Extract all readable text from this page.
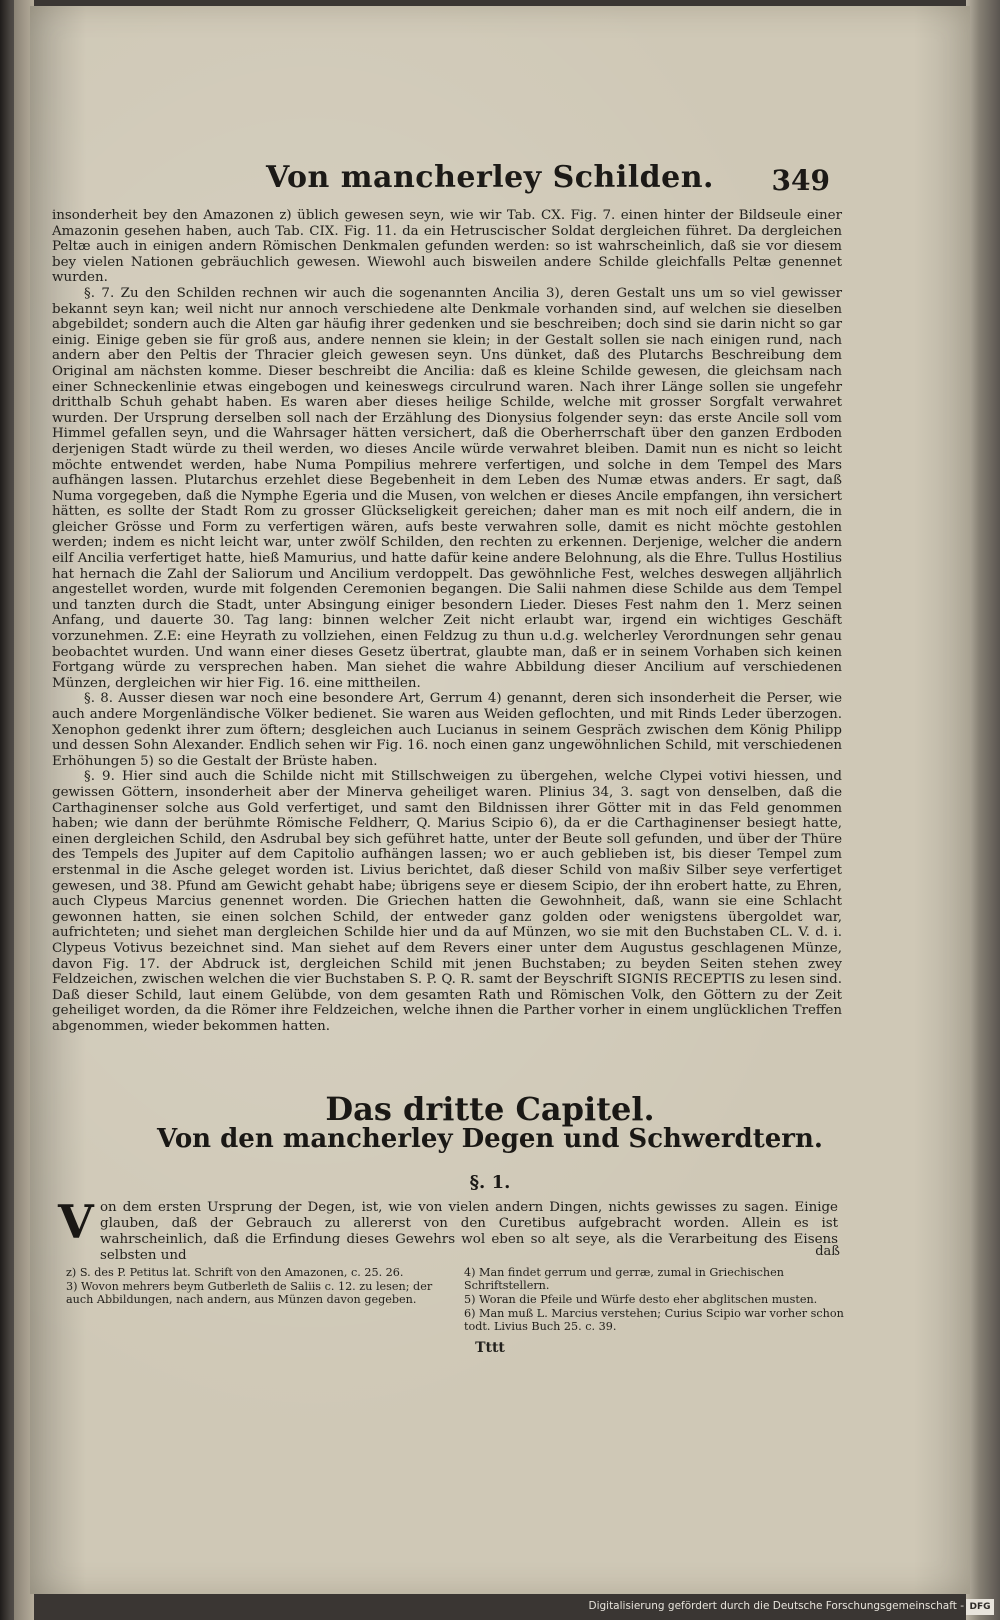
Von mancherley Schilden.	349

insonderheit bey den Amazonen z) üblich gewesen seyn, wie wir Tab. CX. Fig. 7. einen hinter der Bildseule einer Amazonin gesehen haben, auch Tab. CIX. Fig. 11. da ein Hetruscischer Soldat dergleichen führet. Da dergleichen Peltæ auch in einigen andern Römischen Denkmalen gefunden werden: so ist wahrscheinlich, daß sie vor diesem bey vielen Nationen gebräuchlich gewesen. Wiewohl auch bisweilen andere Schilde gleichfalls Peltæ genennet wurden.

§. 7. Zu den Schilden rechnen wir auch die sogenannten Ancilia 3), deren Gestalt uns um so viel gewisser bekannt seyn kan; weil nicht nur annoch verschiedene alte Denkmale vorhanden sind, auf welchen sie dieselben abgebildet; sondern auch die Alten gar häufig ihrer gedenken und sie beschreiben; doch sind sie darin nicht so gar einig. Einige geben sie für groß aus, andere nennen sie klein; in der Gestalt sollen sie nach einigen rund, nach andern aber den Peltis der Thracier gleich gewesen seyn. Uns dünket, daß des Plutarchs Beschreibung dem Original am nächsten komme. Dieser beschreibt die Ancilia: daß es kleine Schilde gewesen, die gleichsam nach einer Schneckenlinie etwas eingebogen und keineswegs circulrund waren. Nach ihrer Länge sollen sie ungefehr dritthalb Schuh gehabt haben. Es waren aber dieses heilige Schilde, welche mit grosser Sorgfalt verwahret wurden. Der Ursprung derselben soll nach der Erzählung des Dionysius folgender seyn: das erste Ancile soll vom Himmel gefallen seyn, und die Wahrsager hätten versichert, daß die Oberherrschaft über den ganzen Erdboden derjenigen Stadt würde zu theil werden, wo dieses Ancile würde verwahret bleiben. Damit nun es nicht so leicht möchte entwendet werden, habe Numa Pompilius mehrere verfertigen, und solche in dem Tempel des Mars aufhängen lassen. Plutarchus erzehlet diese Begebenheit in dem Leben des Numæ etwas anders. Er sagt, daß Numa vorgegeben, daß die Nymphe Egeria und die Musen, von welchen er dieses Ancile empfangen, ihn versichert hätten, es sollte der Stadt Rom zu grosser Glückseligkeit gereichen; daher man es mit noch eilf andern, die in gleicher Grösse und Form zu verfertigen wären, aufs beste verwahren solle, damit es nicht möchte gestohlen werden; indem es nicht leicht war, unter zwölf Schilden, den rechten zu erkennen. Derjenige, welcher die andern eilf Ancilia verfertiget hatte, hieß Mamurius, und hatte dafür keine andere Belohnung, als die Ehre. Tullus Hostilius hat hernach die Zahl der Saliorum und Ancilium verdoppelt. Das gewöhnliche Fest, welches deswegen alljährlich angestellet worden, wurde mit folgenden Ceremonien begangen. Die Salii nahmen diese Schilde aus dem Tempel und tanzten durch die Stadt, unter Absingung einiger besondern Lieder. Dieses Fest nahm den 1. Merz seinen Anfang, und dauerte 30. Tag lang: binnen welcher Zeit nicht erlaubt war, irgend ein wichtiges Geschäft vorzunehmen. Z.E: eine Heyrath zu vollziehen, einen Feldzug zu thun u.d.g. welcherley Verordnungen sehr genau beobachtet wurden. Und wann einer dieses Gesetz übertrat, glaubte man, daß er in seinem Vorhaben sich keinen Fortgang würde zu versprechen haben. Man siehet die wahre Abbildung dieser Ancilium auf verschiedenen Münzen, dergleichen wir hier Fig. 16. eine mittheilen.

§. 8. Ausser diesen war noch eine besondere Art, Gerrum 4) genannt, deren sich insonderheit die Perser, wie auch andere Morgenländische Völker bedienet. Sie waren aus Weiden geflochten, und mit Rinds Leder überzogen. Xenophon gedenkt ihrer zum öftern; desgleichen auch Lucianus in seinem Gespräch zwischen dem König Philipp und dessen Sohn Alexander. Endlich sehen wir Fig. 16. noch einen ganz ungewöhnlichen Schild, mit verschiedenen Erhöhungen 5) so die Gestalt der Brüste haben.

§. 9. Hier sind auch die Schilde nicht mit Stillschweigen zu übergehen, welche Clypei votivi hiessen, und gewissen Göttern, insonderheit aber der Minerva geheiliget waren. Plinius 34, 3. sagt von denselben, daß die Carthaginenser solche aus Gold verfertiget, und samt den Bildnissen ihrer Götter mit in das Feld genommen haben; wie dann der berühmte Römische Feldherr, Q. Marius Scipio 6), da er die Carthaginenser besiegt hatte, einen dergleichen Schild, den Asdrubal bey sich geführet hatte, unter der Beute soll gefunden, und über der Thüre des Tempels des Jupiter auf dem Capitolio aufhängen lassen; wo er auch geblieben ist, bis dieser Tempel zum erstenmal in die Asche geleget worden ist. Livius berichtet, daß dieser Schild von maßiv Silber seye verfertiget gewesen, und 38. Pfund am Gewicht gehabt habe; übrigens seye er diesem Scipio, der ihn erobert hatte, zu Ehren, auch Clypeus Marcius genennet worden. Die Griechen hatten die Gewohnheit, daß, wann sie eine Schlacht gewonnen hatten, sie einen solchen Schild, der entweder ganz golden oder wenigstens übergoldet war, aufrichteten; und siehet man dergleichen Schilde hier und da auf Münzen, wo sie mit den Buchstaben CL. V. d. i. Clypeus Votivus bezeichnet sind. Man siehet auf dem Revers einer unter dem Augustus geschlagenen Münze, davon Fig. 17. der Abdruck ist, dergleichen Schild mit jenen Buchstaben; zu beyden Seiten stehen zwey Feldzeichen, zwischen welchen die vier Buchstaben S. P. Q. R. samt der Beyschrift SIGNIS RECEPTIS zu lesen sind. Daß dieser Schild, laut einem Gelübde, von dem gesamten Rath und Römischen Volk, den Göttern zu der Zeit geheiliget worden, da die Römer ihre Feldzeichen, welche ihnen die Parther vorher in einem unglücklichen Treffen abgenommen, wieder bekommen hatten.

Das dritte Capitel.
Von den mancherley Degen und Schwerdtern.
§. 1.
V on dem ersten Ursprung der Degen, ist, wie von vielen andern Dingen, nichts gewisses zu sagen. Einige glauben, daß der Gebrauch zu allererst von den Curetibus aufgebracht worden. Allein es ist wahrscheinlich, daß die Erfindung dieses Gewehrs wol eben so alt seye, als die Verarbeitung des Eisens selbsten und	daß
z) S. des P. Petitus lat. Schrift von den Amazonen, c. 25. 26.
3) Wovon mehrers beym Gutberleth de Saliis c. 12. zu lesen; der auch Abbildungen, nach andern, aus Münzen davon gegeben.
4) Man findet gerrum und gerræ, zumal in Griechischen Schriftstellern.
5) Woran die Pfeile und Würfe desto eher abglitschen musten.
6) Man muß L. Marcius verstehen; Curius Scipio war vorher schon todt. Livius Buch 25. c. 39.
Tttt
Digitalisierung gefördert durch die Deutsche Forschungsgemeinschaft - DFG
